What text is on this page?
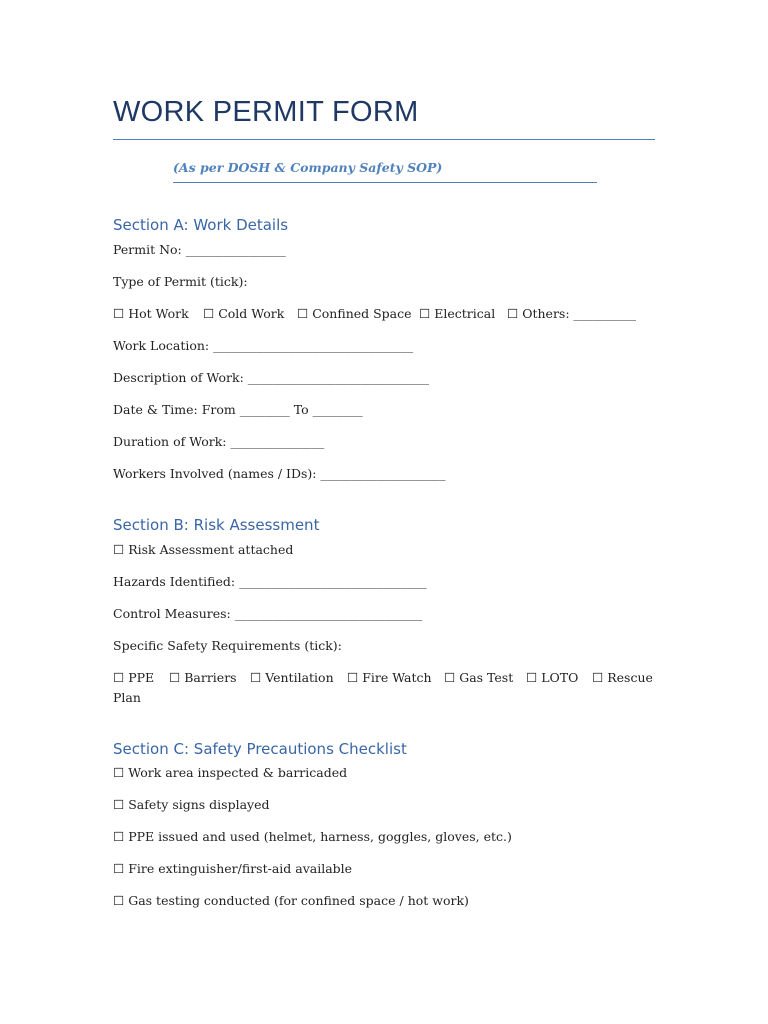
WORK PERMIT FORM
(As per DOSH & Company Safety SOP)
Section A: Work Details
Permit No: ________________
Type of Permit (tick):
☐ Hot Work ☐ Cold Work ☐ Confined Space ☐ Electrical ☐ Others: __________
Work Location: ________________________________
Description of Work: _____________________________
Date & Time: From ________ To ________
Duration of Work: _______________
Workers Involved (names / IDs): ____________________
Section B: Risk Assessment
☐ Risk Assessment attached
Hazards Identified: ______________________________
Control Measures: ______________________________
Specific Safety Requirements (tick):
☐ PPE ☐ Barriers ☐ Ventilation ☐ Fire Watch ☐ Gas Test ☐ LOTO ☐ Rescue
Plan
Section C: Safety Precautions Checklist
☐ Work area inspected & barricaded
☐ Safety signs displayed
☐ PPE issued and used (helmet, harness, goggles, gloves, etc.)
☐ Fire extinguisher/first-aid available
☐ Gas testing conducted (for confined space / hot work)
